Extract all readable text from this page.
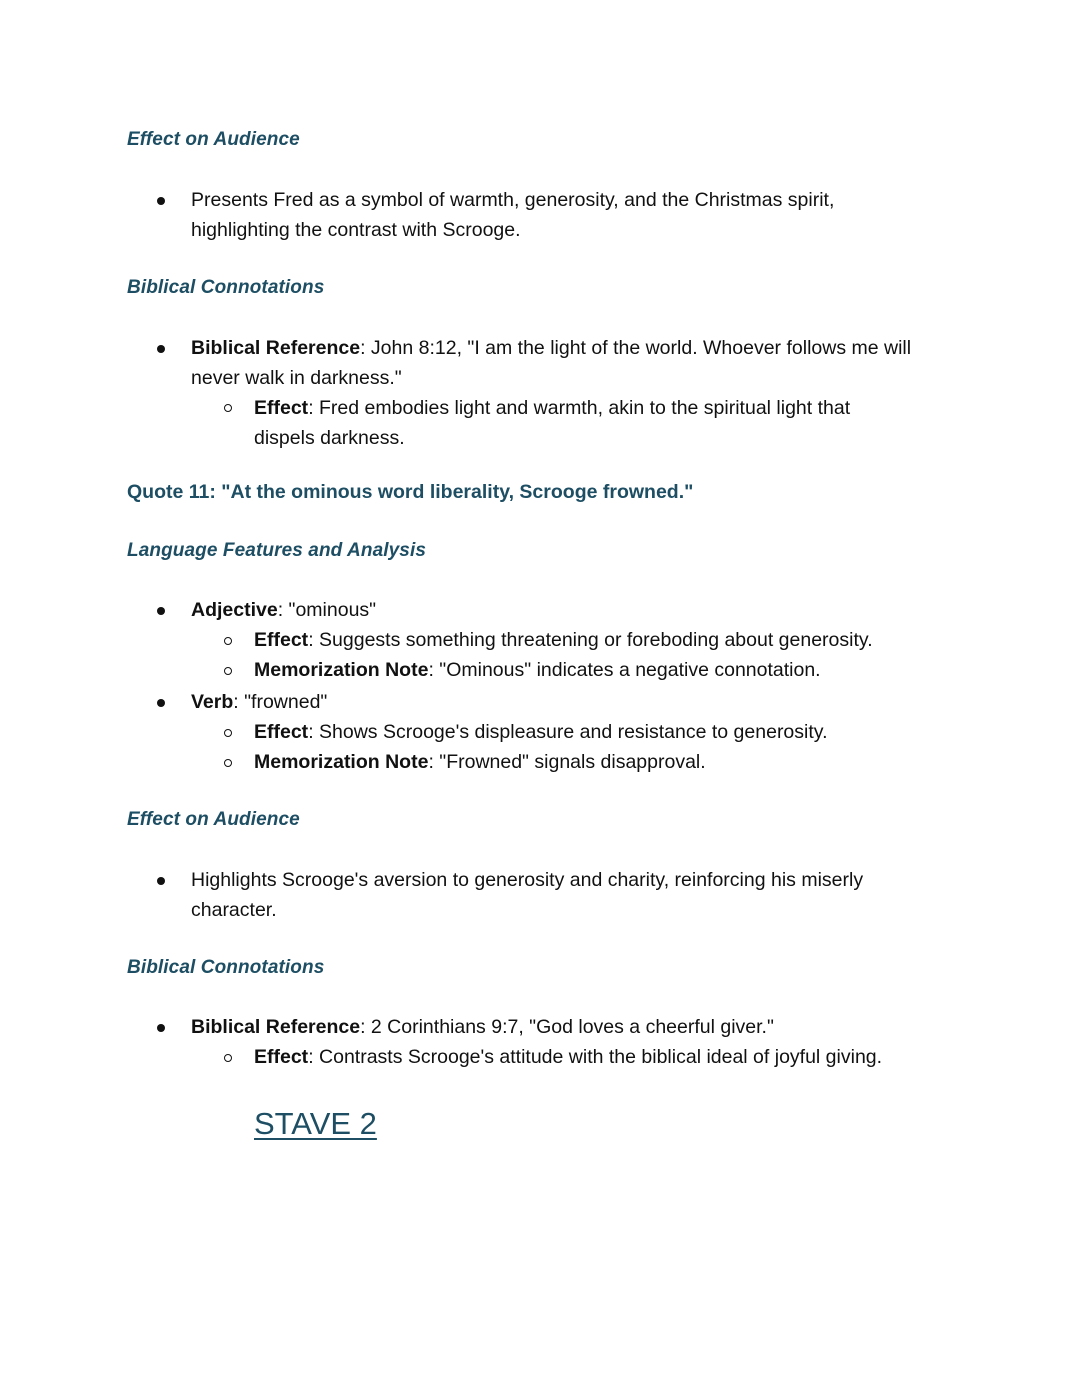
Effect on Audience
Presents Fred as a symbol of warmth, generosity, and the Christmas spirit,
highlighting the contrast with Scrooge.
Biblical Connotations
Biblical Reference: John 8:12, "I am the light of the world. Whoever follows me will
never walk in darkness."
Effect: Fred embodies light and warmth, akin to the spiritual light that
dispels darkness.
Quote 11: "At the ominous word liberality, Scrooge frowned."
Language Features and Analysis
Adjective: "ominous"
Effect: Suggests something threatening or foreboding about generosity.
Memorization Note: "Ominous" indicates a negative connotation.
Verb: "frowned"
Effect: Shows Scrooge's displeasure and resistance to generosity.
Memorization Note: "Frowned" signals disapproval.
Effect on Audience
Highlights Scrooge's aversion to generosity and charity, reinforcing his miserly
character.
Biblical Connotations
Biblical Reference: 2 Corinthians 9:7, "God loves a cheerful giver."
Effect: Contrasts Scrooge's attitude with the biblical ideal of joyful giving.
STAVE 2
